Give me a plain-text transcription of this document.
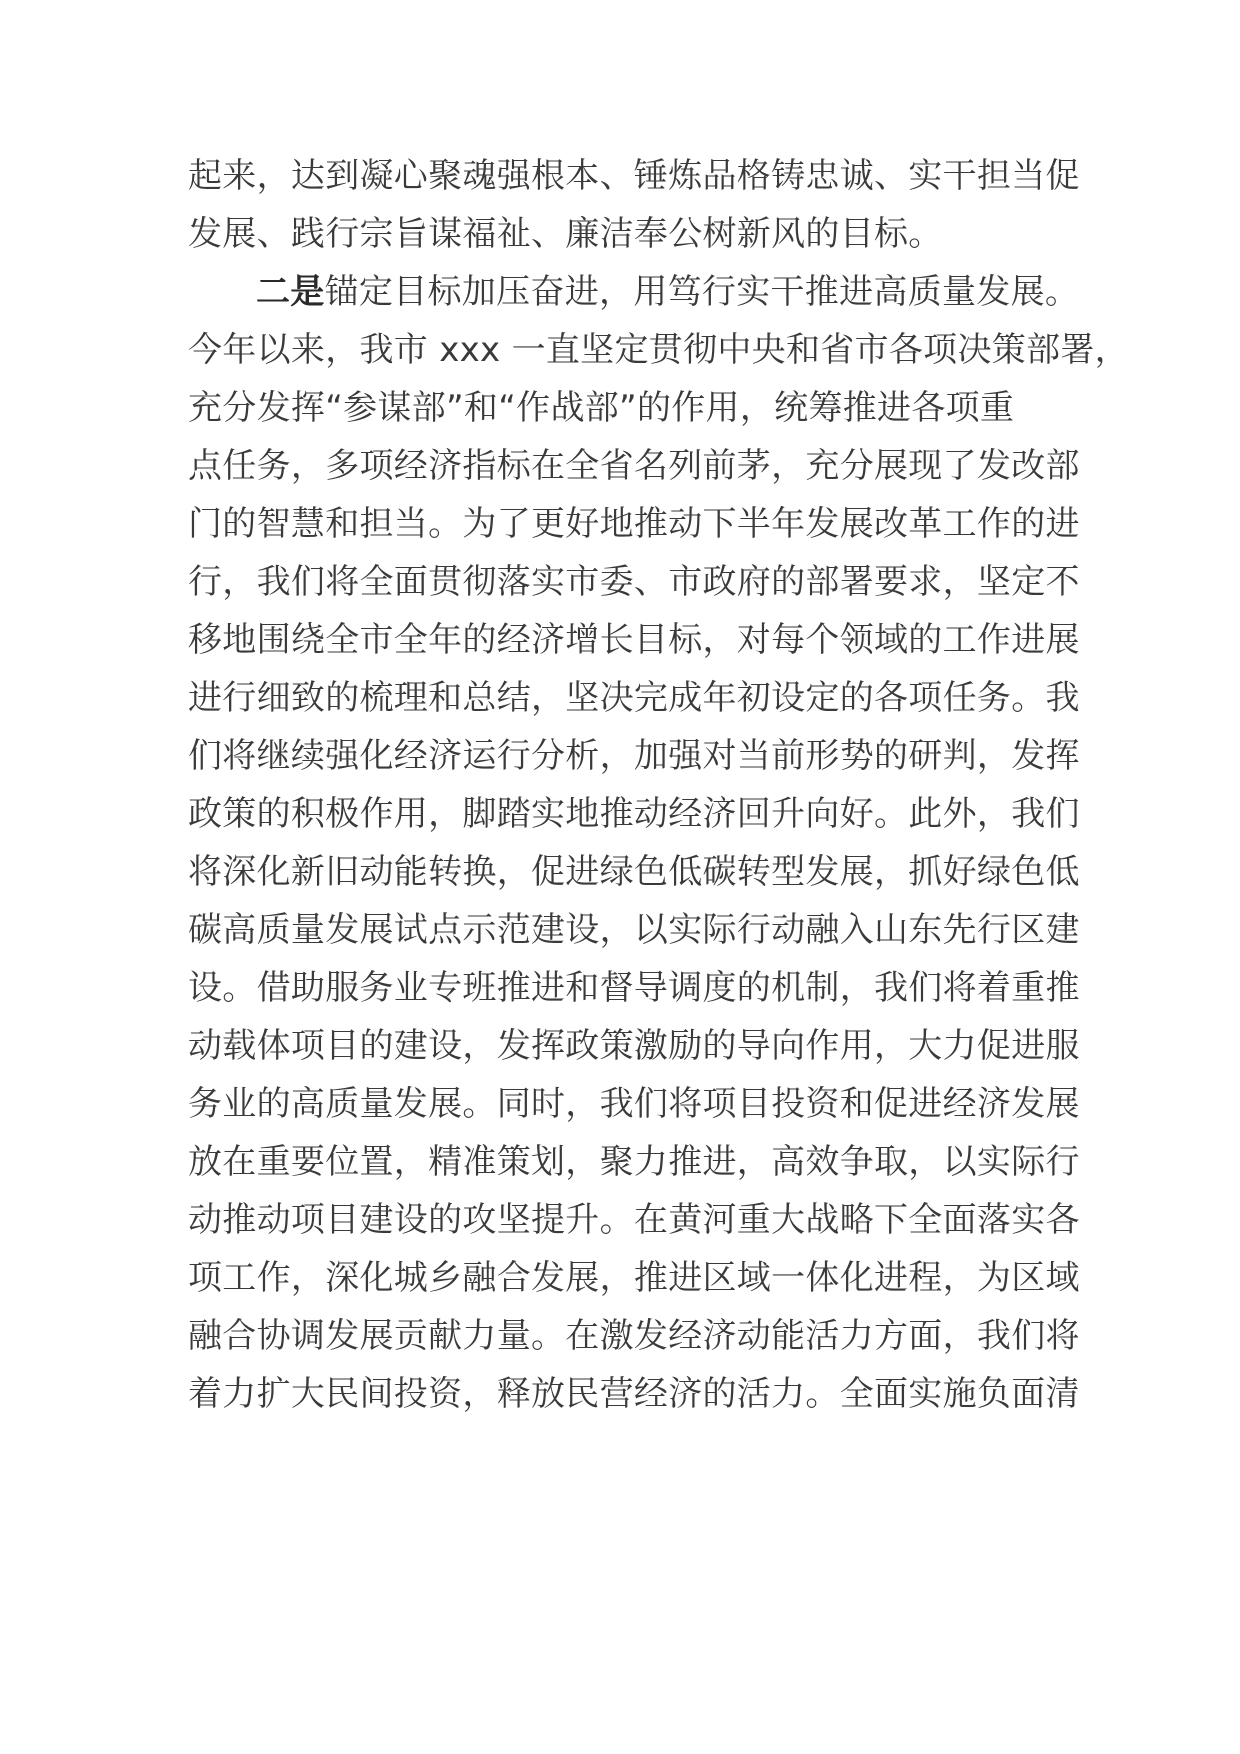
起来，达到凝心聚魂强根本、锤炼品格铸忠诚、实干担当促
发展、践行宗旨谋福祉、廉洁奉公树新风的目标。
二是锚定目标加压奋进，用笃行实干推进高质量发展。
今年以来，我市 xxx 一直坚定贯彻中央和省市各项决策部署，
充分发挥“参谋部”和“作战部”的作用，统筹推进各项重
点任务，多项经济指标在全省名列前茅，充分展现了发改部
门的智慧和担当。为了更好地推动下半年发展改革工作的进
行，我们将全面贯彻落实市委、市政府的部署要求，坚定不
移地围绕全市全年的经济增长目标，对每个领域的工作进展
进行细致的梳理和总结，坚决完成年初设定的各项任务。我
们将继续强化经济运行分析，加强对当前形势的研判，发挥
政策的积极作用，脚踏实地推动经济回升向好。此外，我们
将深化新旧动能转换，促进绿色低碳转型发展，抓好绿色低
碳高质量发展试点示范建设，以实际行动融入山东先行区建
设。借助服务业专班推进和督导调度的机制，我们将着重推
动载体项目的建设，发挥政策激励的导向作用，大力促进服
务业的高质量发展。同时，我们将项目投资和促进经济发展
放在重要位置，精准策划，聚力推进，高效争取，以实际行
动推动项目建设的攻坚提升。在黄河重大战略下全面落实各
项工作，深化城乡融合发展，推进区域一体化进程，为区域
融合协调发展贡献力量。在激发经济动能活力方面，我们将
着力扩大民间投资，释放民营经济的活力。全面实施负面清
